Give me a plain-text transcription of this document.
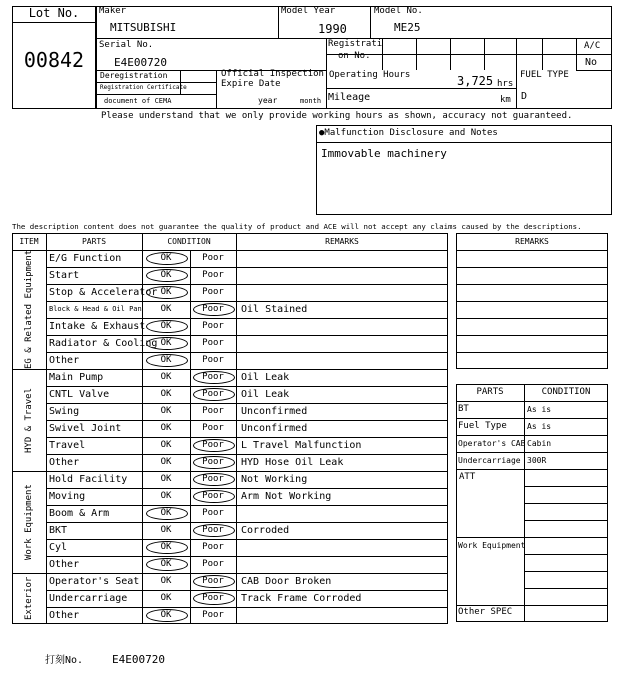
Lot No.
00842
Maker
MITSUBISHI
Model Year
1990
Model No.
ME25
Serial No.
E4E00720
Registrati
on No.
A/C
No
Deregistration
Registration Certificate
document of CEMA
Official Inspection
Expire Date
year	month
Operating Hours	3,725 hrs
Mileage	km
FUEL TYPE
D
Please understand that we only provide working hours as shown, accuracy not guaranteed.
●Malfunction Disclosure and Notes
Immovable machinery
The description content does not guarantee the quality of product and ACE will not accept any claims caused by the descriptions.
ITEM	PARTS	CONDITION	REMARKS
EG & Related Equipment	E/G Function	OK	Poor
Start	OK	Poor
Stop & Accelerator OK	Poor
Block & Head & Oil Pan	OK	Poor	Oil Stained
Intake & Exhaust	OK	Poor
Radiator & Cooling OK	Poor
Other	OK	Poor
HYD & Travel
Main Pump	OK	Poor	Oil Leak
CNTL Valve	OK	Poor	Oil Leak
Swing	OK	Poor	Unconfirmed
Swivel Joint	OK	Poor	Unconfirmed
Travel	OK	Poor	L Travel Malfunction
Other	OK	Poor	HYD Hose Oil Leak
Work Equipment
Hold Facility	OK	Poor	Not Working
Moving	OK	Poor	Arm Not Working
Boom & Arm	OK	Poor
BKT	OK	Poor	Corroded
Cyl	OK	Poor
Other	OK	Poor
Exterior	Operator's Seat	OK	Poor	CAB Door Broken
Undercarriage	OK	Poor	Track Frame Corroded
Other	OK	Poor
REMARKS
PARTS	CONDITION
BT	As is
Fuel Type	As is
Operator's CAB Cabin
Undercarriage 300R
ATT
Work Equipment
Other SPEC
打刻No.	E4E00720
